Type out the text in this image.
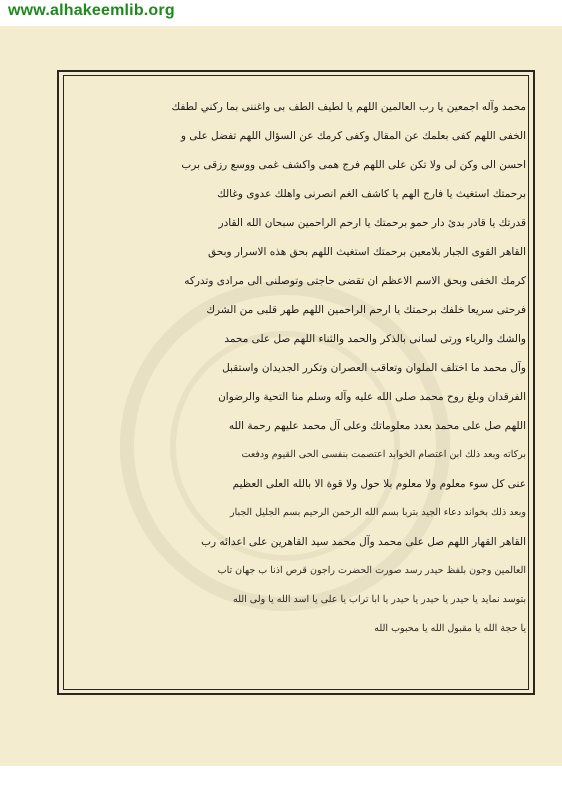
www.alhakeemlib.org
محمد وآله اجمعين يا رب العالمين اللهم يا لطيف الطف بى واغننى بما ركني لطفك
الخفى اللهم كفى بعلمك عن المقال وكفى كرمك عن السؤال اللهم تفضل على و
احسن الى وكن لى ولا تكن على اللهم فرج همى واكشف غمى ووسع رزقى برب
برحمتك استغيث يا فارج الهم يا كاشف الغم انصرنى واهلك عدوى وغالك
قدرتك يا قادر بدئ دار حمو برحمتك يا ارحم الراحمين سبحان الله القادر
القاهر القوى الجبار بلامعين برحمتك استغيث اللهم بحق هذه الاسرار وبحق
كرمك الخفى وبحق الاسم الاعظم ان تقضى حاجتى وتوصلنى الى مرادى وتدركه
فرحتى سريعا خلفك برحمتك يا ارحم الراحمين اللهم طهر قلبى من الشرك
والشك والرياء ورتى لسانى بالذكر والحمد والثناء اللهم صل على محمد
وآل محمد ما اختلف الملوان وتعاقب العصران وتكرر الجديدان واستقبل
الفرقدان وبلغ روح محمد صلى الله عليه وآله وسلم منا التحية والرضوان
اللهم صل على محمد بعدد معلوماتك وعلى آل محمد عليهم رحمة الله
بركاته وبعد ذلك ابن اعتصام الخوابد اعتصمت بنفسى الحى القيوم ودفعت
عنى كل سوء معلوم ولا معلوم بلا حول ولا قوة الا بالله العلى العظيم
وبعد ذلك بخواند دعاء الجيد بتربا بسم الله الرحمن الرحيم بسم الجليل الجبار
القاهر القهار اللهم صل على محمد وآل محمد سيد القاهرين على اعدائه رب
العالمين وجون بلفظ حيدر رسد صورت الحضرت راجون قرص اذنا ب جهان تاب
بتوسد نمايد يا حيدر يا حيدر يا حيدر يا ابا تراب يا على يا اسد الله يا ولى الله
يا حجة الله يا مقبول الله يا محبوب الله
